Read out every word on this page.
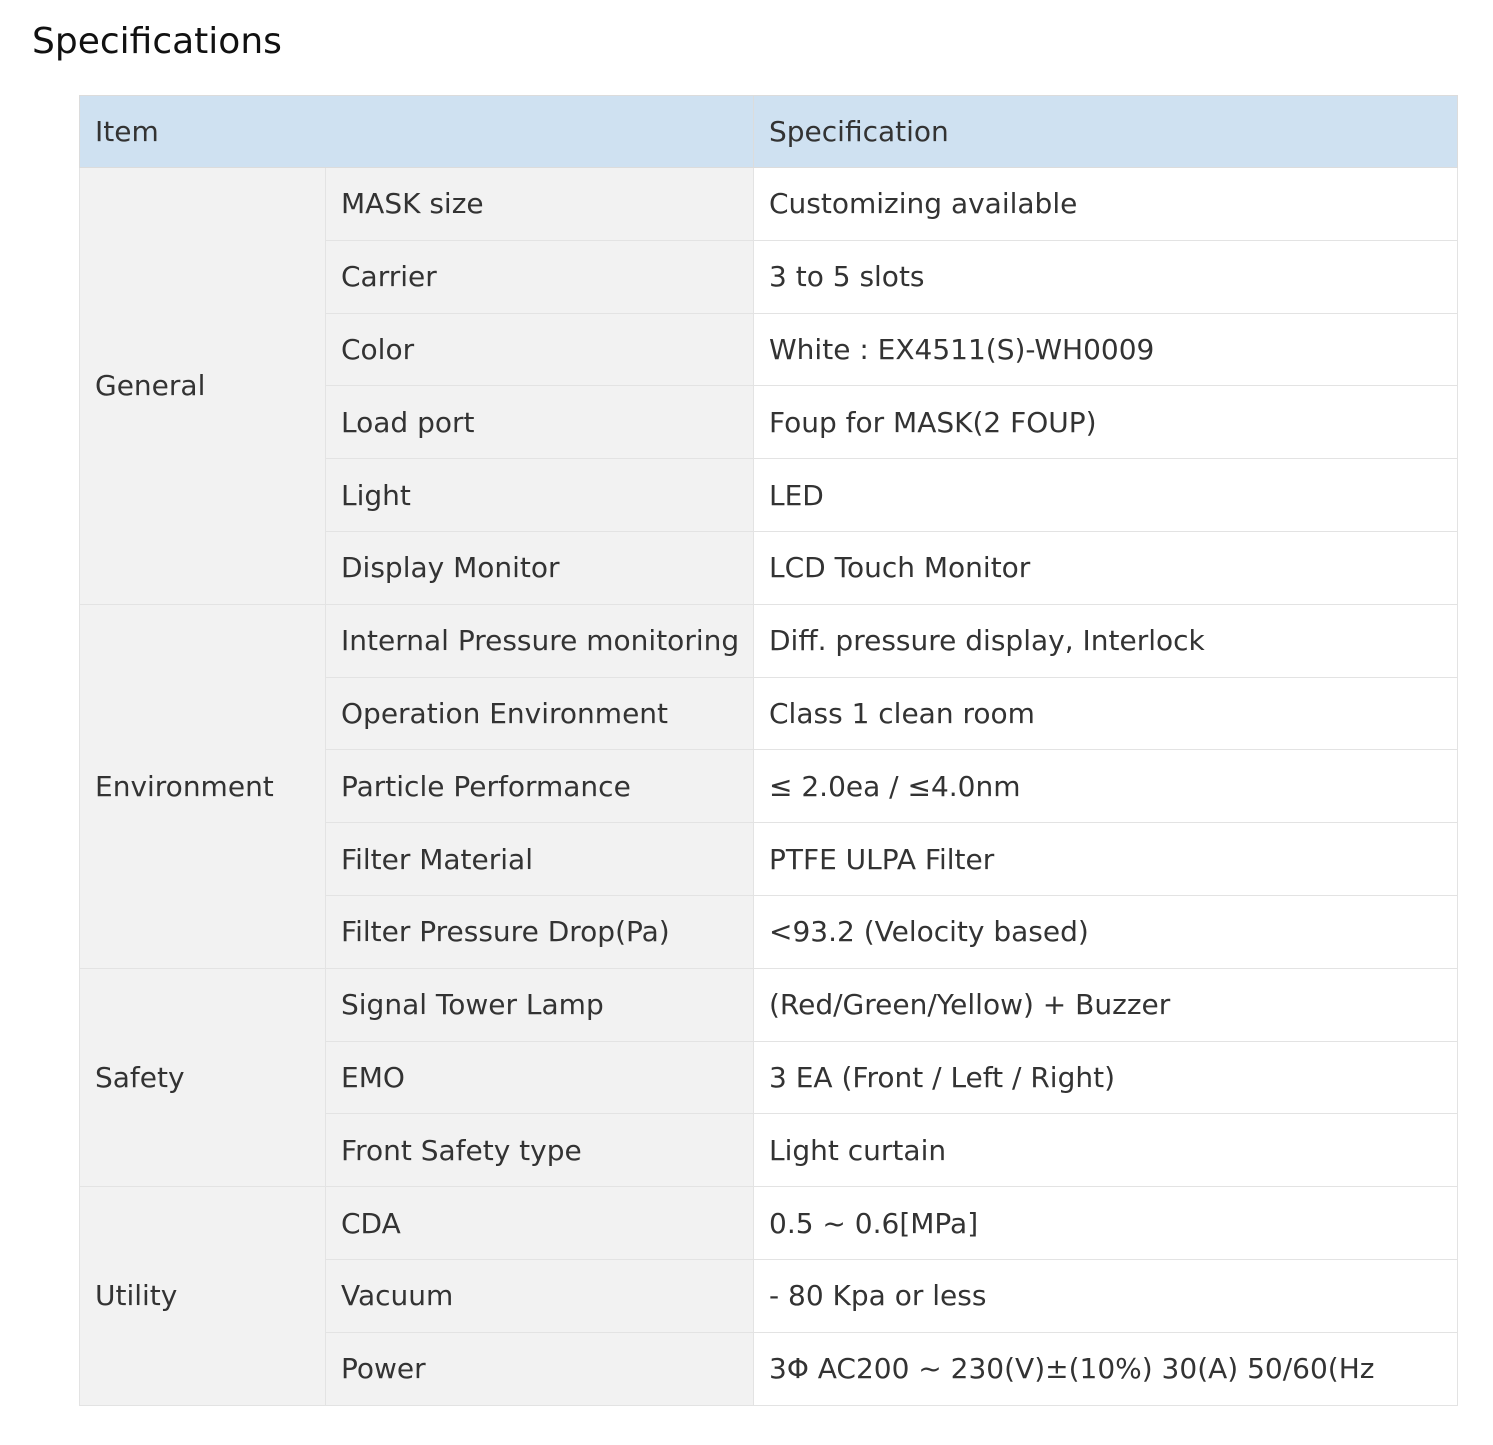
Specifications
Item		Specification
General	MASK size	Customizing available
	Carrier	3 to 5 slots
	Color	White : EX4511(S)-WH0009
	Load port	Foup for MASK(2 FOUP)
	Light	LED
	Display Monitor	LCD Touch Monitor
Environment	Internal Pressure monitoring	Diff. pressure display, Interlock
	Operation Environment	Class 1 clean room
	Particle Performance	≤ 2.0ea / ≤4.0nm
	Filter Material	PTFE ULPA Filter
	Filter Pressure Drop(Pa)	<93.2 (Velocity based)
Safety	Signal Tower Lamp	(Red/Green/Yellow) + Buzzer
	EMO	3 EA (Front / Left / Right)
	Front Safety type	Light curtain
Utility	CDA	0.5 ~ 0.6[MPa]
	Vacuum	- 80 Kpa or less
	Power	3Φ AC200 ~ 230(V)±(10%) 30(A) 50/60(Hz
